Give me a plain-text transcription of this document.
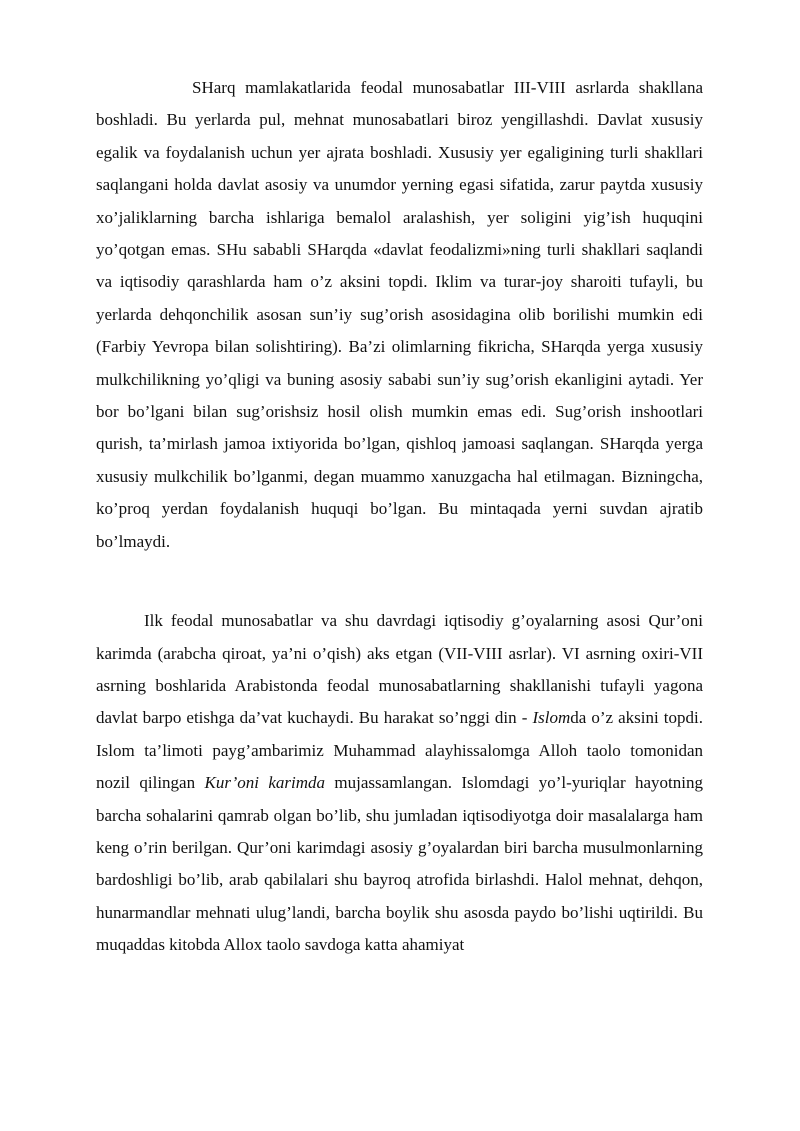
SHarq mamlakatlarida feodal munosabatlar III-VIII asrlarda shakllana boshladi. Bu yerlarda pul, mehnat munosabatlari biroz yengillashdi. Davlat xususiy egalik va foydalanish uchun yer ajrata boshladi. Xususiy yer egaligining turli shakllari saqlangani holda davlat asosiy va unumdor yerning egasi sifatida, zarur paytda xususiy xo’jaliklarning barcha ishlariga bemalol aralashish, yer soligini yig’ish huquqini yo’qotgan emas. SHu sababli SHarqda «davlat feodalizmi»ning turli shakllari saqlandi va iqtisodiy qarashlarda ham o’z aksini topdi. Iklim va turar-joy sharoiti tufayli, bu yerlarda dehqonchilik asosan sun’iy sug’orish asosidagina olib borilishi mumkin edi (Farbiy Yevropa bilan solishtiring). Ba’zi olimlarning fikricha, SHarqda yerga xususiy mulkchilikning yo’qligi va buning asosiy sababi sun’iy sug’orish ekanligini aytadi. Yer bor bo’lgani bilan sug’orishsiz hosil olish mumkin emas edi. Sug’orish inshootlari qurish, ta’mirlash jamoa ixtiyorida bo’lgan, qishloq jamoasi saqlangan. SHarqda yerga xususiy mulkchilik bo’lganmi, degan muammo xanuzgacha hal etilmagan. Bizningcha, ko’proq yerdan foydalanish huquqi bo’lgan. Bu mintaqada yerni suvdan ajratib bo’lmaydi.

Ilk feodal munosabatlar va shu davrdagi iqtisodiy g’oyalarning asosi Qur’oni karimda (arabcha qiroat, ya’ni o’qish) aks etgan (VII-VIII asrlar). VI asrning oxiri-VII asrning boshlarida Arabistonda feodal munosabatlarning shakllanishi tufayli yagona davlat barpo etishga da’vat kuchaydi. Bu harakat so’nggi din - Islomda o’z aksini topdi. Islom ta’limoti payg’ambarimiz Muhammad alayhissalomga Alloh taolo tomonidan nozil qilingan Kur’oni karimda mujassamlangan. Islomdagi yo’l-yuriqlar hayotning barcha sohalarini qamrab olgan bo’lib, shu jumladan iqtisodiyotga doir masalalarga ham keng o’rin berilgan. Qur’oni karimdagi asosiy g’oyalardan biri barcha musulmonlarning bardoshligi bo’lib, arab qabilalari shu bayroq atrofida birlashdi. Halol mehnat, dehqon, hunarmandlar mehnati ulug’landi, barcha boylik shu asosda paydo bo’lishi uqtirildi. Bu muqaddas kitobda Allox taolo savdoga katta ahamiyat
